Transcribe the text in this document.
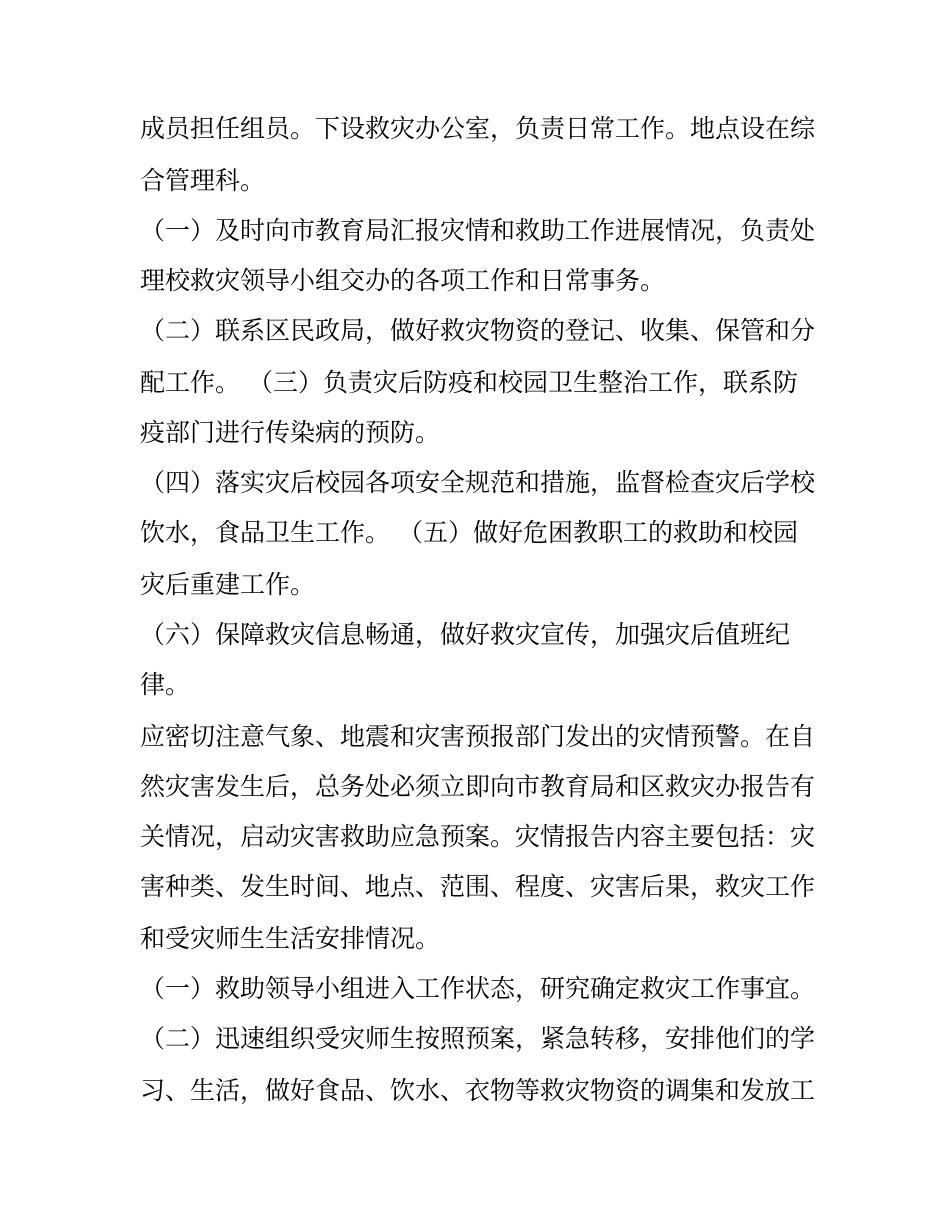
成员担任组员。下设救灾办公室，负责日常工作。地点设在综
合管理科。
（一）及时向市教育局汇报灾情和救助工作进展情况，负责处
理校救灾领导小组交办的各项工作和日常事务。
（二）联系区民政局，做好救灾物资的登记、收集、保管和分
配工作。 （三）负责灾后防疫和校园卫生整治工作，联系防
疫部门进行传染病的预防。
（四）落实灾后校园各项安全规范和措施，监督检查灾后学校
饮水，食品卫生工作。 （五）做好危困教职工的救助和校园
灾后重建工作。
（六）保障救灾信息畅通，做好救灾宣传，加强灾后值班纪
律。
应密切注意气象、地震和灾害预报部门发出的灾情预警。在自
然灾害发生后，总务处必须立即向市教育局和区救灾办报告有
关情况，启动灾害救助应急预案。灾情报告内容主要包括：灾
害种类、发生时间、地点、范围、程度、灾害后果，救灾工作
和受灾师生生活安排情况。
（一）救助领导小组进入工作状态，研究确定救灾工作事宜。
（二）迅速组织受灾师生按照预案，紧急转移，安排他们的学
习、生活，做好食品、饮水、衣物等救灾物资的调集和发放工
